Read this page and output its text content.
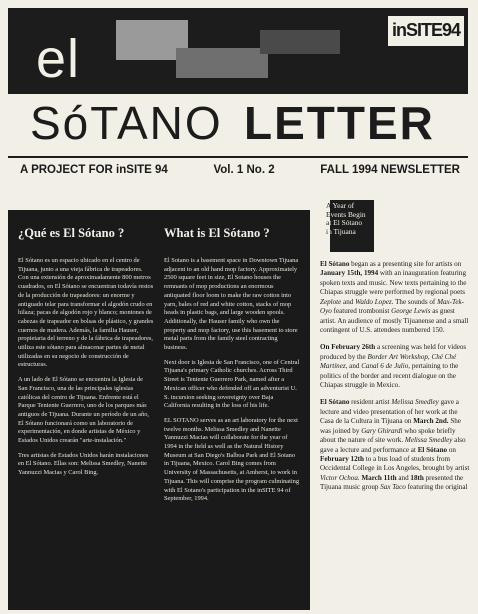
el	inSITE94
SóTANO LETTER
A PROJECT FOR inSITE 94	Vol. 1 No. 2	FALL 1994 NEWSLETTER
¿Qué es El Sótano ?

El Sótano es un espacio ubicado en el centro de Tijuana, junto a una vieja fábrica de trapeadores. Con una extensión de aproximadamente 800 metros cuadrados, en El Sótano se encuentran todavía restos de la producción de trapeadores: un enorme y antiguado telar para transformar el algodón crudo en hilaza; pacas de algodón rojo y blanco; montones de cabezas de trapeador en bolsas de plástico, y grandes cuernos de madera. Además, la familia Hauser, propietaria del terreno y de la fábrica de trapeadores, utiliza este sótano para almacenar partes de metal utilizadas en su negocio de construcción de estructuras.

A un lado de El Sótano se encuentra la Iglesia de San Francisco, una de las principales iglesias católicas del centro de Tijuana. Enfrente está el Parque Teniente Guerrero, uno de los parques más antiguos de Tijuana. Durante un período de un año, El Sótano funcionará como un laboratorio de experimentación, en donde artistas de México y Estados Unidos crearán "arte-instalación."

Tres artistas de Estados Unidos harán instalaciones en El Sótano. Ellas son: Melissa Smedley, Nanette Yannuzzi Macias y Carol Bing.

What is El Sótano ?

El Sotano is a basement space in Downtown Tijuana adjacent to an old hand mop factory. Approximately 2500 square feet in size, El Sotano houses the remnants of mop productions an enormous antiquated floor loom to make the raw cotton into yarn, bales of red and white cotton, stacks of mop heads in plastic bags, and large wooden spools. Additionally, the Hauser family who own the property and mop factory, use this basement to store metal parts from the family steel contracting business.

Next door is Iglesia de San Francisco, one of Central Tijuana's primary Catholic churches. Across Third Street is Teniente Guerrero Park, named after a Mexican officer who defended off an adventurist U. S. incursion seeking sovereignty over Baja California resulting in the loss of his life.

EL SOTANO serves as an art laboratory for the next twelve months. Melissa Smedley and Nanette Yannuzzi Macias will collaborate for the year of 1994 in the field as well as the Natural History Museum at San Diego's Balboa Park and El Sotano in Tijuana, Mexico. Carol Bing comes from University of Massachusetts, at Amherst, to work in Tijuana. This will comprise the program culminating with El Sotano's participation in the inSITE 94 of September, 1994.

A Year of
Events Begin
at El Sótano
in Tijuana

El Sótano began as a presenting site for artists on January 15th, 1994 with an inauguration featuring spoken texts and music. New texts pertaining to the Chiapas struggle were performed by regional poets Zeplote and Waldo Lopez. The sounds of Max-Tek-Oyo featured trombonist George Lewis as guest artist. An audience of mostly Tijuanense and a small contingent of U.S. attendees numbered 150.

On February 26th a screening was held for videos produced by the Border Art Workshop, Ché Ché Martínez, and Canal 6 de Julio, pertaining to the politics of the border and recent dialogue on the Chiapas struggle in Mexico.

El Sótano resident artist Melissa Smedley gave a lecture and video presentation of her work at the Casa de la Cultura in Tijuana on March 2nd. She was joined by Gary Ghirardi who spoke briefly about the nature of site work. Melissa Smedley also gave a lecture and performance at El Sótano on February 12th to a bus load of students from Occidental College in Los Angeles, brought by artist Victor Ochoa. March 11th and 18th presented the Tijuana music group Sax Taco featuring the original
